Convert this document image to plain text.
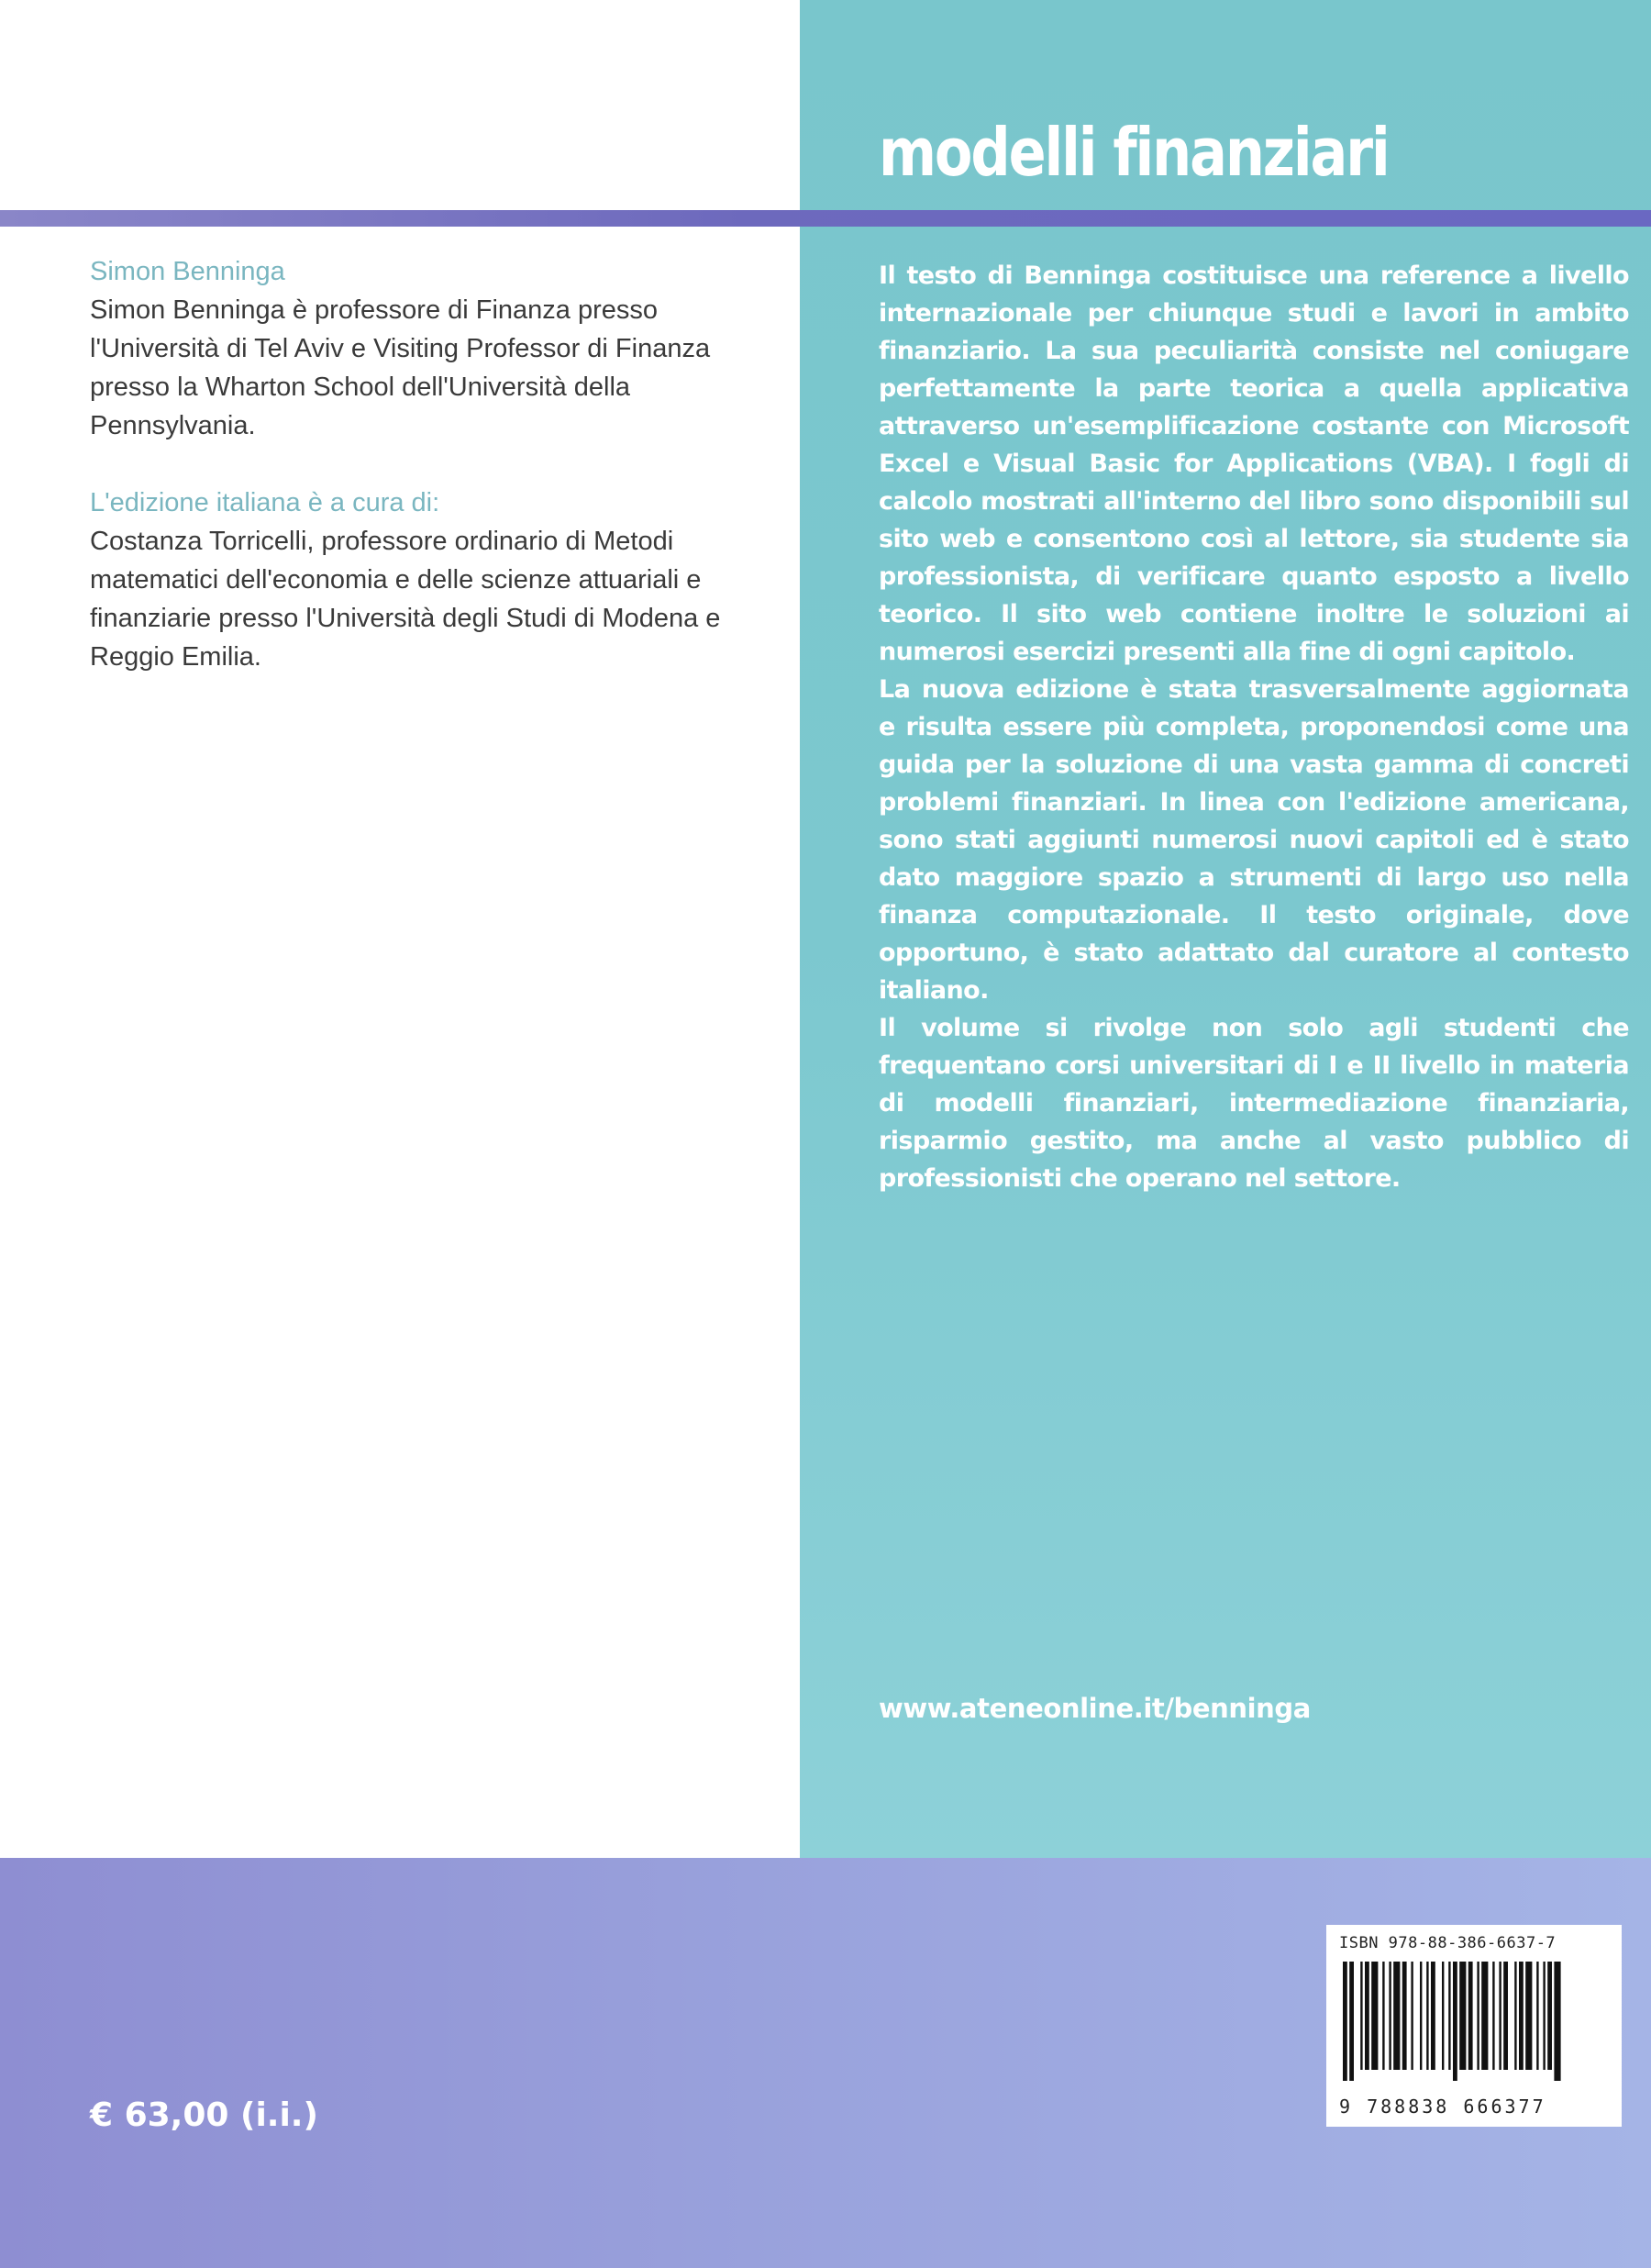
modelli finanziari

Simon Benninga

Simon Benninga è professore di Finanza presso l'Università di Tel Aviv e Visiting Professor di Finanza presso la Wharton School dell'Università della Pennsylvania.

L'edizione italiana è a cura di:

Costanza Torricelli, professore ordinario di Metodi matematici dell'economia e delle scienze attuariali e finanziarie presso l'Università degli Studi di Modena e Reggio Emilia.

Il testo di Benninga costituisce una reference a livello internazionale per chiunque studi e lavori in ambito finanziario. La sua peculiarità consiste nel coniugare perfettamente la parte teorica a quella applicativa attraverso un'esemplificazione costante con Microsoft Excel e Visual Basic for Applications (VBA). I fogli di calcolo mostrati all'interno del libro sono disponibili sul sito web e consentono così al lettore, sia studente sia professionista, di verificare quanto esposto a livello teorico. Il sito web contiene inoltre le soluzioni ai numerosi esercizi presenti alla fine di ogni capitolo.

La nuova edizione è stata trasversalmente aggiornata e risulta essere più completa, proponendosi come una guida per la soluzione di una vasta gamma di concreti problemi finanziari. In linea con l'edizione americana, sono stati aggiunti numerosi nuovi capitoli ed è stato dato maggiore spazio a strumenti di largo uso nella finanza computazionale. Il testo originale, dove opportuno, è stato adattato dal curatore al contesto italiano.

Il volume si rivolge non solo agli studenti che frequentano corsi universitari di I e II livello in materia di modelli finanziari, intermediazione finanziaria, risparmio gestito, ma anche al vasto pubblico di professionisti che operano nel settore.

www.ateneonline.it/benninga

€ 63,00 (i.i.)

ISBN 978-88-386-6637-7

9 788838 666377
